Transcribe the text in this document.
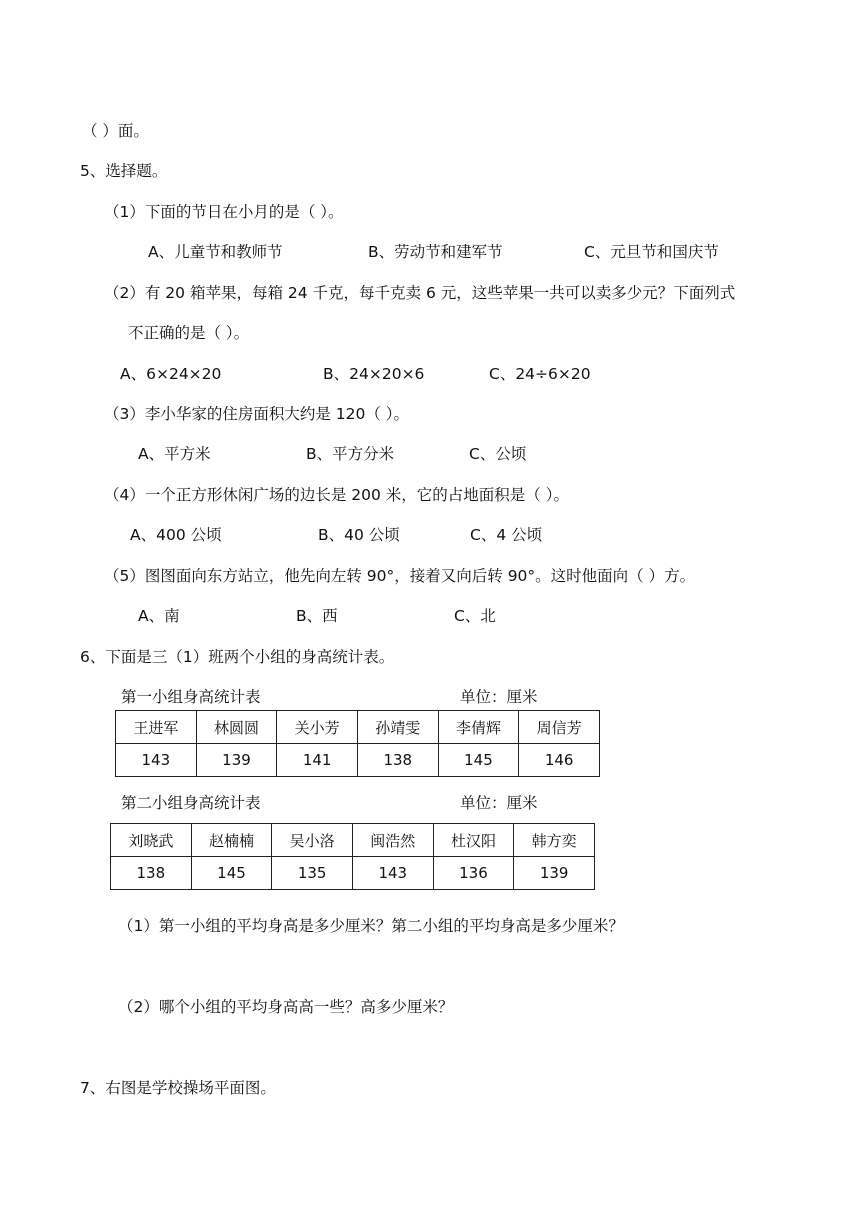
（ ）面。
5、选择题。
（1）下面的节日在小月的是（ ）。
A、儿童节和教师节	B、劳动节和建军节	C、元旦节和国庆节
（2）有 20 箱苹果，每箱 24 千克，每千克卖 6 元，这些苹果一共可以卖多少元？下面列式
不正确的是（ ）。
A、6×24×20	B、24×20×6	C、24÷6×20
（3）李小华家的住房面积大约是 120（ ）。
A、平方米	B、平方分米	C、公顷
（4）一个正方形休闲广场的边长是 200 米，它的占地面积是（ ）。
A、400 公顷	B、40 公顷	C、4 公顷
（5）图图面向东方站立，他先向左转 90°，接着又向后转 90°。这时他面向（ ）方。
A、南	B、西	C、北
6、下面是三（1）班两个小组的身高统计表。
第一小组身高统计表	单位：厘米
王进军	林圆圆	关小芳	孙靖雯	李倩辉	周信芳
143	139	141	138	145	146
第二小组身高统计表	单位：厘米
刘晓武	赵楠楠	吴小洛	闽浩然	杜汉阳	韩方奕
138	145	135	143	136	139
（1）第一小组的平均身高是多少厘米？第二小组的平均身高是多少厘米？
（2）哪个小组的平均身高高一些？高多少厘米？
7、右图是学校操场平面图。
